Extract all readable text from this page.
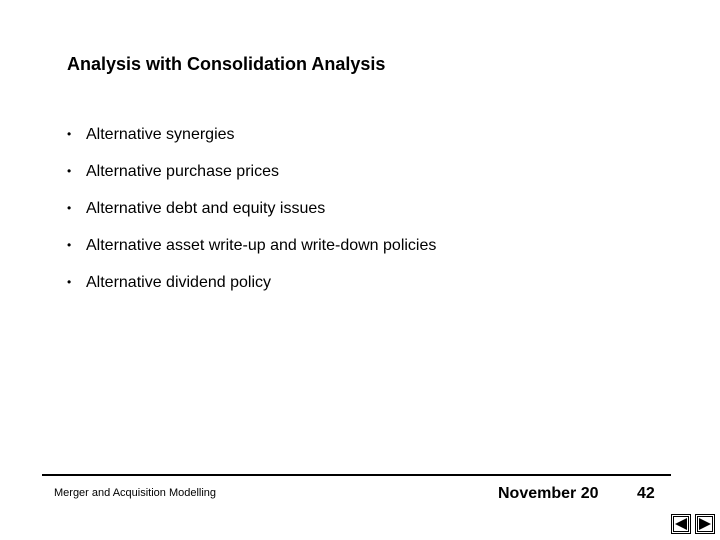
Analysis with Consolidation Analysis
• Alternative synergies
• Alternative purchase prices
• Alternative debt and equity issues
• Alternative asset write-up and write-down policies
• Alternative dividend policy
Merger and Acquisition Modelling	November 20 42
